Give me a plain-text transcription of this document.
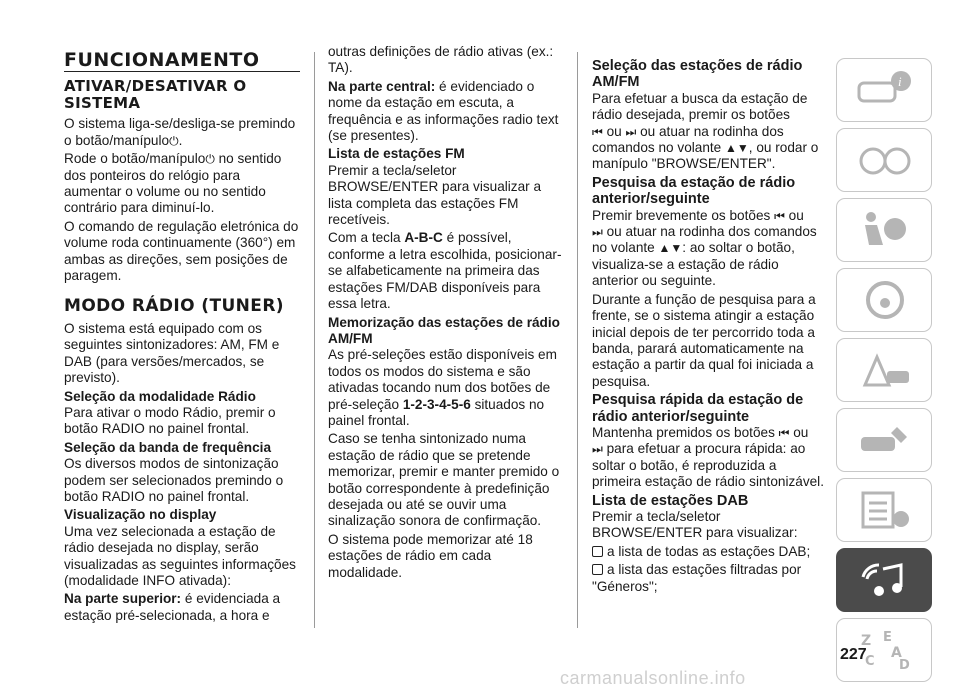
FUNCIONAMENTO
ATIVAR/DESATIVAR O SISTEMA

O sistema liga-se/desliga-se premindo o botão/manípulo⏻.

Rode o botão/manípulo⏻ no sentido dos ponteiros do relógio para aumentar o volume ou no sentido contrário para diminuí-lo.

O comando de regulação eletrónica do volume roda continuamente (360°) em ambas as direções, sem posições de paragem.

MODO RÁDIO (TUNER)

O sistema está equipado com os seguintes sintonizadores: AM, FM e DAB (para versões/mercados, se previsto).

Seleção da modalidade Rádio

Para ativar o modo Rádio, premir o botão RADIO no painel frontal.

Seleção da banda de frequência

Os diversos modos de sintonização podem ser selecionados premindo o botão RADIO no painel frontal.

Visualização no display

Uma vez selecionada a estação de rádio desejada no display, serão visualizadas as seguintes informações (modalidade INFO ativada):

Na parte superior: é evidenciada a estação pré-selecionada, a hora e

outras definições de rádio ativas (ex.: TA).

Na parte central: é evidenciado o nome da estação em escuta, a frequência e as informações radio text (se presentes).

Lista de estações FM

Premir a tecla/seletor BROWSE/ENTER para visualizar a lista completa das estações FM recetíveis.

Com a tecla A-B-C é possível, conforme a letra escolhida, posicionar-se alfabeticamente na primeira das estações FM/DAB disponíveis para essa letra.

Memorização das estações de rádio AM/FM

As pré-seleções estão disponíveis em todos os modos do sistema e são ativadas tocando num dos botões de pré-seleção 1-2-3-4-5-6 situados no painel frontal.

Caso se tenha sintonizado numa estação de rádio que se pretende memorizar, premir e manter premido o botão correspondente à predefinição desejada ou até se ouvir uma sinalização sonora de confirmação.

O sistema pode memorizar até 18 estações de rádio em cada modalidade.

Seleção das estações de rádio AM/FM

Para efetuar a busca da estação de rádio desejada, premir os botões
⏮ ou ⏭ ou atuar na rodinha dos comandos no volante ▲▼, ou rodar o manípulo "BROWSE/ENTER".

Pesquisa da estação de rádio anterior/seguinte

Premir brevemente os botões ⏮ ou
⏭ ou atuar na rodinha dos comandos no volante ▲▼: ao soltar o botão, visualiza-se a estação de rádio anterior ou seguinte.

Durante a função de pesquisa para a frente, se o sistema atingir a estação inicial depois de ter percorrido toda a banda, parará automaticamente na estação a partir da qual foi iniciada a pesquisa.

Pesquisa rápida da estação de rádio anterior/seguinte

Mantenha premidos os botões ⏮ ou
⏭ para efetuar a procura rápida: ao soltar o botão, é reproduzida a primeira estação de rádio sintonizável.

Lista de estações DAB

Premir a tecla/seletor BROWSE/ENTER para visualizar:

a lista de todas as estações DAB;

a lista das estações filtradas por "Géneros";

i
Z E
A
C D
227
carmanualsonline.info
